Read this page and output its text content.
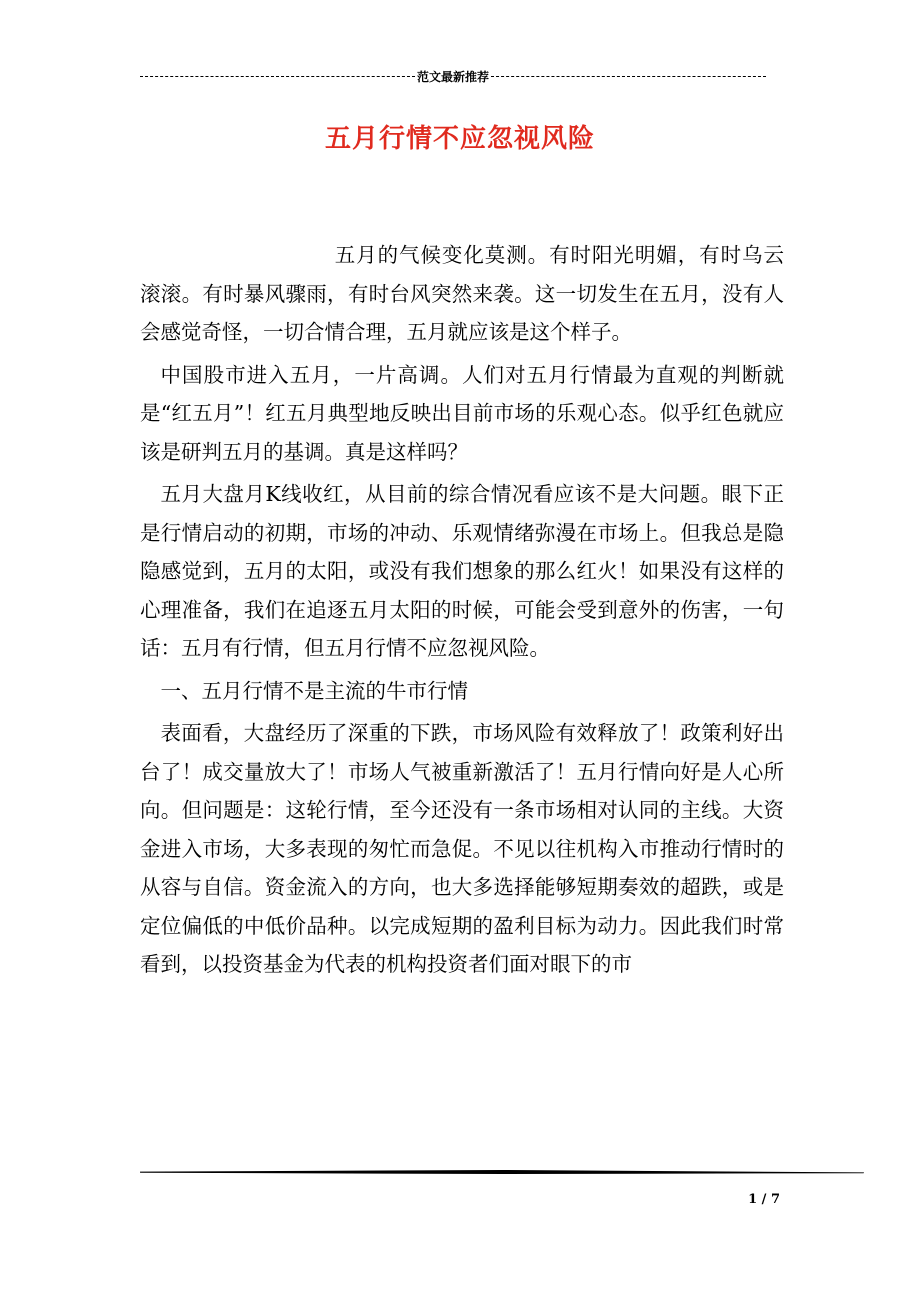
范文最新推荐
五月行情不应忽视风险

五月的气候变化莫测。有时阳光明媚，有时乌云滚滚。有时暴风骤雨，有时台风突然来袭。这一切发生在五月，没有人会感觉奇怪，一切合情合理，五月就应该是这个样子。

中国股市进入五月，一片高调。人们对五月行情最为直观的判断就是“红五月”！红五月典型地反映出目前市场的乐观心态。似乎红色就应该是研判五月的基调。真是这样吗？

五月大盘月K线收红，从目前的综合情况看应该不是大问题。眼下正是行情启动的初期，市场的冲动、乐观情绪弥漫在市场上。但我总是隐隐感觉到，五月的太阳，或没有我们想象的那么红火！如果没有这样的心理准备，我们在追逐五月太阳的时候，可能会受到意外的伤害，一句话：五月有行情，但五月行情不应忽视风险。

一、五月行情不是主流的牛市行情

表面看，大盘经历了深重的下跌，市场风险有效释放了！政策利好出台了！成交量放大了！市场人气被重新激活了！五月行情向好是人心所向。但问题是：这轮行情，至今还没有一条市场相对认同的主线。大资金进入市场，大多表现的匆忙而急促。不见以往机构入市推动行情时的从容与自信。资金流入的方向，也大多选择能够短期奏效的超跌，或是定位偏低的中低价品种。以完成短期的盈利目标为动力。因此我们时常看到，以投资基金为代表的机构投资者们面对眼下的市

1 / 7
